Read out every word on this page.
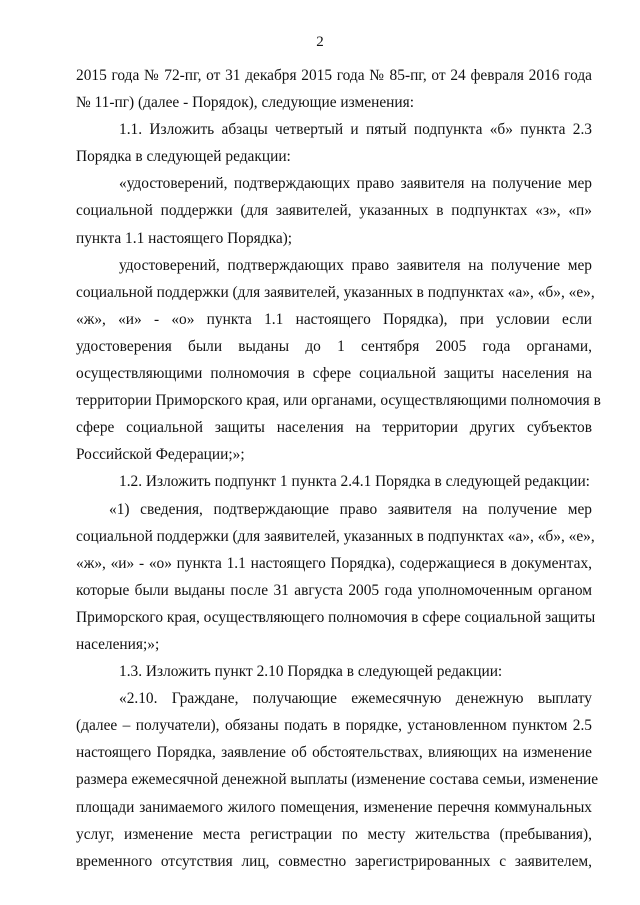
2
2015 года № 72-пг, от 31 декабря 2015 года № 85-пг, от 24 февраля 2016 года
№ 11-пг) (далее - Порядок), следующие изменения:
1.1. Изложить абзацы четвертый и пятый подпункта «б» пункта 2.3
Порядка в следующей редакции:
«удостоверений, подтверждающих право заявителя на получение мер
социальной поддержки (для заявителей, указанных в подпунктах «з», «п»
пункта 1.1 настоящего Порядка);
удостоверений, подтверждающих право заявителя на получение мер
социальной поддержки (для заявителей, указанных в подпунктах «а», «б», «е»,
«ж», «и» - «о» пункта 1.1 настоящего Порядка), при условии если
удостоверения были выданы до 1 сентября 2005 года органами,
осуществляющими полномочия в сфере социальной защиты населения на
территории Приморского края, или органами, осуществляющими полномочия в
сфере социальной защиты населения на территории других субъектов
Российской Федерации;»;
1.2. Изложить подпункт 1 пункта 2.4.1 Порядка в следующей редакции:
«1) сведения, подтверждающие право заявителя на получение мер
социальной поддержки (для заявителей, указанных в подпунктах «а», «б», «е»,
«ж», «и» - «о» пункта 1.1 настоящего Порядка), содержащиеся в документах,
которые были выданы после 31 августа 2005 года уполномоченным органом
Приморского края, осуществляющего полномочия в сфере социальной защиты
населения;»;
1.3. Изложить пункт 2.10 Порядка в следующей редакции:
«2.10. Граждане, получающие ежемесячную денежную выплату
(далее – получатели), обязаны подать в порядке, установленном пунктом 2.5
настоящего Порядка, заявление об обстоятельствах, влияющих на изменение
размера ежемесячной денежной выплаты (изменение состава семьи, изменение
площади занимаемого жилого помещения, изменение перечня коммунальных
услуг, изменение места регистрации по месту жительства (пребывания),
временного отсутствия лиц, совместно зарегистрированных с заявителем,
